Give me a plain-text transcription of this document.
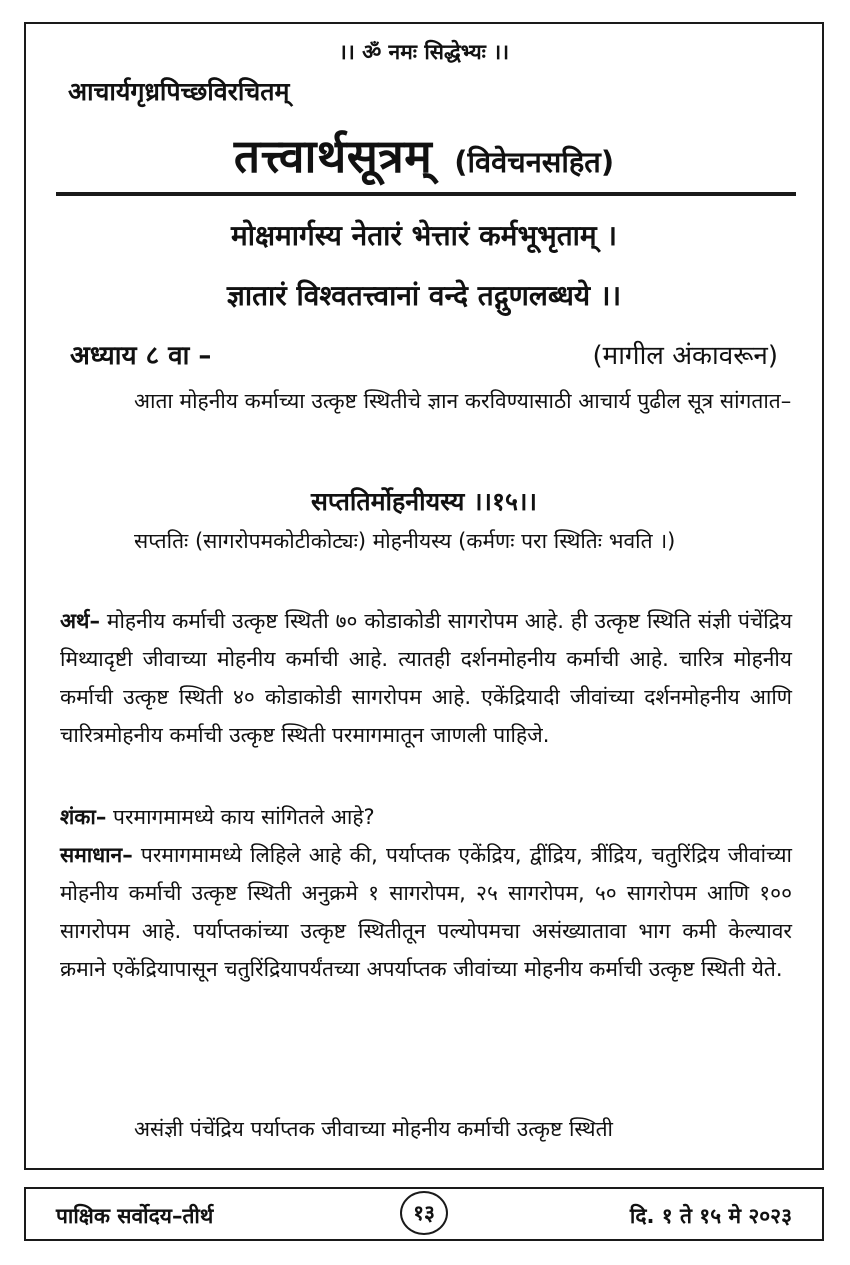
।। ॐ नमः सिद्धेभ्यः ।।
आचार्यगृध्रपिच्छविरचितम्
तत्त्वार्थसूत्रम् (विवेचनसहित)
मोक्षमार्गस्य नेतारं भेत्तारं कर्मभूभृताम् ।
ज्ञातारं विश्वतत्त्वानां वन्दे तद्गुणलब्धये ।।
अध्याय ८ वा –	(मागील अंकावरून)
आता मोहनीय कर्माच्या उत्कृष्ट स्थितीचे ज्ञान करविण्यासाठी आचार्य पुढील सूत्र सांगतात–
सप्ततिर्मोहनीयस्य ।।१५।।
सप्ततिः (सागरोपमकोटीकोट्यः) मोहनीयस्य (कर्मणः परा स्थितिः भवति ।)
अर्थ– मोहनीय कर्माची उत्कृष्ट स्थिती ७० कोडाकोडी सागरोपम आहे. ही उत्कृष्ट स्थिति संज्ञी पंचेंद्रिय मिथ्यादृष्टी जीवाच्या मोहनीय कर्माची आहे. त्यातही दर्शनमोहनीय कर्माची आहे. चारित्र मोहनीय कर्माची उत्कृष्ट स्थिती ४० कोडाकोडी सागरोपम आहे. एकेंद्रियादी जीवांच्या दर्शनमोहनीय आणि चारित्रमोहनीय कर्माची उत्कृष्ट स्थिती परमागमातून जाणली पाहिजे.
शंका– परमागमामध्ये काय सांगितले आहे?
समाधान– परमागमामध्ये लिहिले आहे की, पर्याप्तक एकेंद्रिय, द्वींद्रिय, त्रींद्रिय, चतुरिंद्रिय जीवांच्या मोहनीय कर्माची उत्कृष्ट स्थिती अनुक्रमे १ सागरोपम, २५ सागरोपम, ५० सागरोपम आणि १०० सागरोपम आहे. पर्याप्तकांच्या उत्कृष्ट स्थितीतून पल्योपमचा असंख्यातावा भाग कमी केल्यावर क्रमाने एकेंद्रियापासून चतुरिंद्रियापर्यंतच्या अपर्याप्तक जीवांच्या मोहनीय कर्माची उत्कृष्ट स्थिती येते.
असंज्ञी पंचेंद्रिय पर्याप्तक जीवाच्या मोहनीय कर्माची उत्कृष्ट स्थिती
पाक्षिक सर्वोदय–तीर्थ	१३	दि. १ ते १५ मे २०२३
